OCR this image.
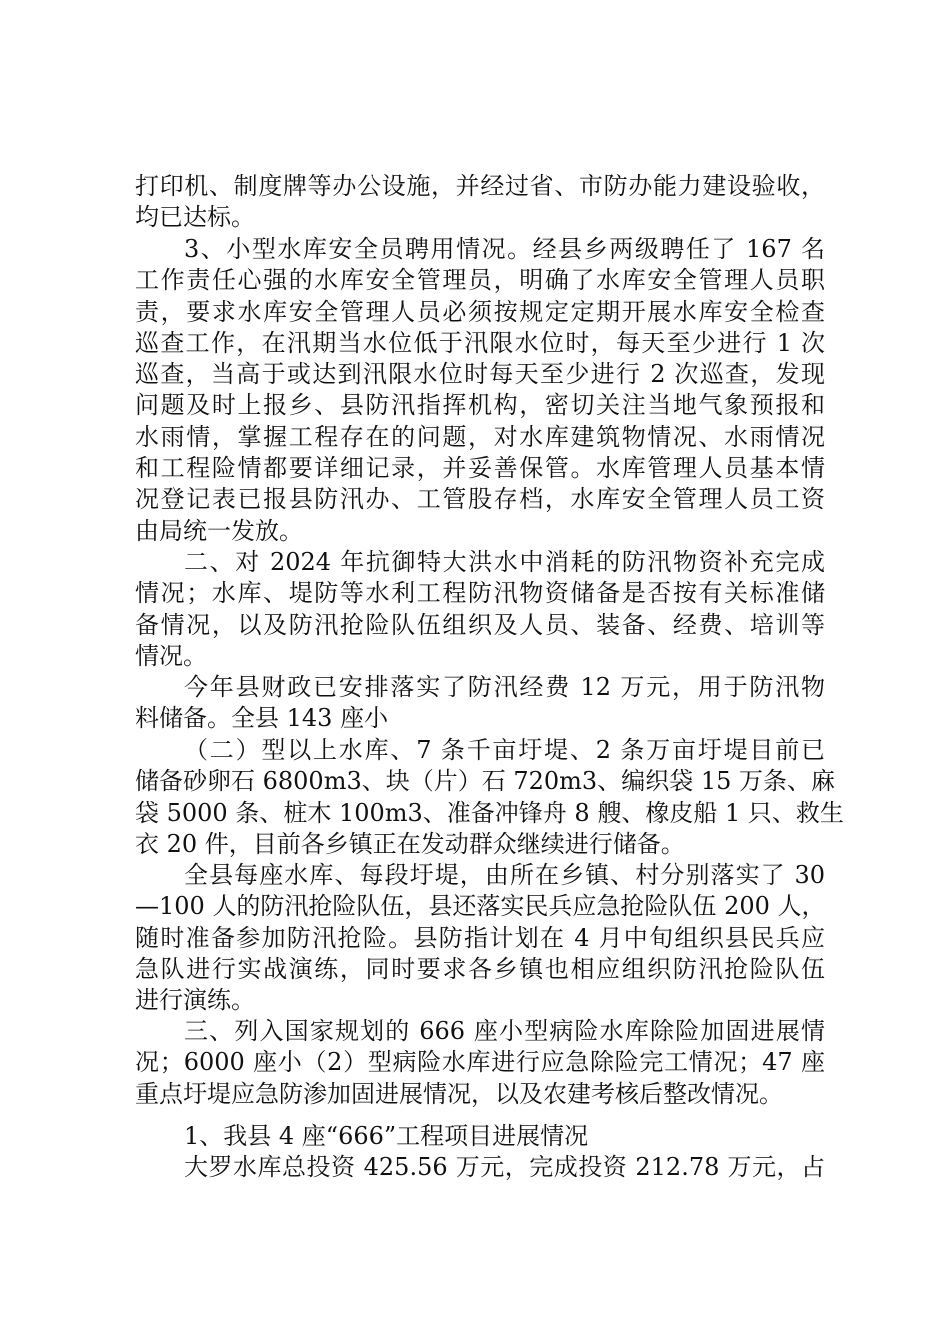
打印机、制度牌等办公设施，并经过省、市防办能力建设验收，
均已达标。
3、小型水库安全员聘用情况。经县乡两级聘任了 167 名
工作责任心强的水库安全管理员，明确了水库安全管理人员职
责，要求水库安全管理人员必须按规定定期开展水库安全检查
巡查工作，在汛期当水位低于汛限水位时，每天至少进行 1 次
巡查，当高于或达到汛限水位时每天至少进行 2 次巡查，发现
问题及时上报乡、县防汛指挥机构，密切关注当地气象预报和
水雨情，掌握工程存在的问题，对水库建筑物情况、水雨情况
和工程险情都要详细记录，并妥善保管。水库管理人员基本情
况登记表已报县防汛办、工管股存档，水库安全管理人员工资
由局统一发放。
二、对 2024 年抗御特大洪水中消耗的防汛物资补充完成
情况；水库、堤防等水利工程防汛物资储备是否按有关标准储
备情况，以及防汛抢险队伍组织及人员、装备、经费、培训等
情况。
今年县财政已安排落实了防汛经费 12 万元，用于防汛物
料储备。全县 143 座小
（二）型以上水库、7 条千亩圩堤、2 条万亩圩堤目前已
储备砂卵石 6800m3、块（片）石 720m3、编织袋 15 万条、麻
袋 5000 条、桩木 100m3、准备冲锋舟 8 艘、橡皮船 1 只、救生
衣 20 件，目前各乡镇正在发动群众继续进行储备。
全县每座水库、每段圩堤，由所在乡镇、村分别落实了 30
—100 人的防汛抢险队伍，县还落实民兵应急抢险队伍 200 人，
随时准备参加防汛抢险。县防指计划在 4 月中旬组织县民兵应
急队进行实战演练，同时要求各乡镇也相应组织防汛抢险队伍
进行演练。
三、列入国家规划的 666 座小型病险水库除险加固进展情
况；6000 座小（2）型病险水库进行应急除险完工情况；47 座
重点圩堤应急防渗加固进展情况，以及农建考核后整改情况。
1、我县 4 座“666”工程项目进展情况
大罗水库总投资 425.56 万元，完成投资 212.78 万元，占
